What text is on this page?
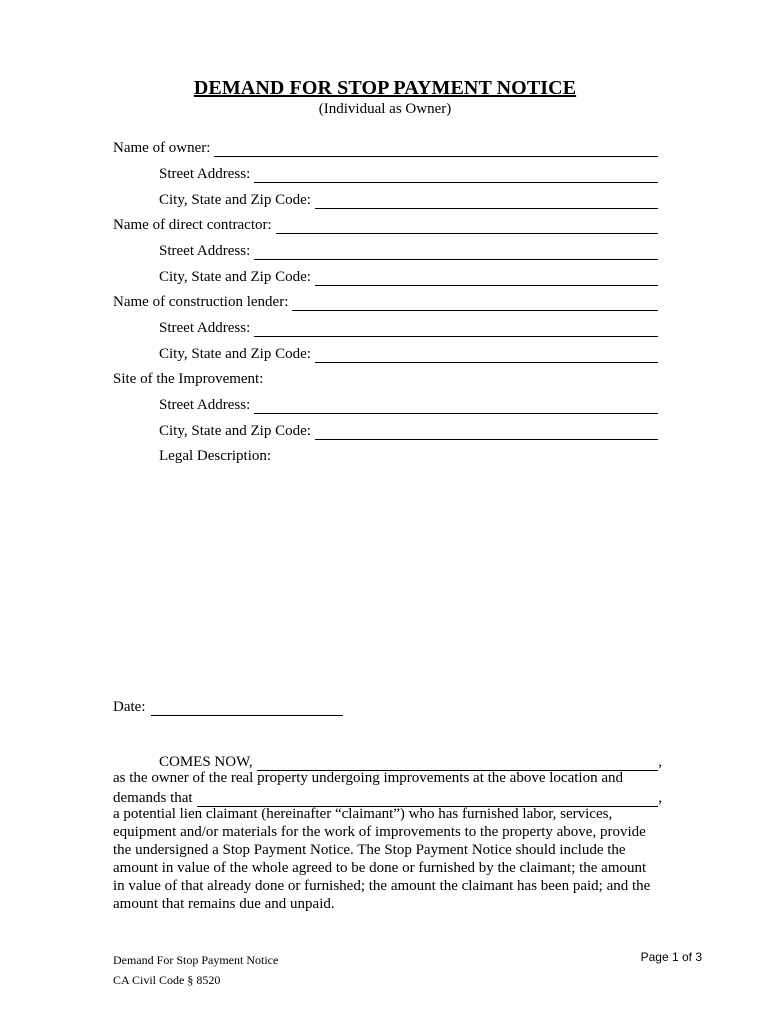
DEMAND FOR STOP PAYMENT NOTICE
(Individual as Owner)
Name of owner:
Street Address:
City, State and Zip Code:
Name of direct contractor:
Street Address:
City, State and Zip Code:
Name of construction lender:
Street Address:
City, State and Zip Code:
Site of the Improvement:
Street Address:
City, State and Zip Code:
Legal Description:
Date:
COMES NOW,	,
as the owner of the real property undergoing improvements at the above location and
demands that	,
a potential lien claimant (hereinafter “claimant”) who has furnished labor, services, equipment and/or materials for the work of improvements to the property above, provide the undersigned a Stop Payment Notice. The Stop Payment Notice should include the amount in value of the whole agreed to be done or furnished by the claimant; the amount in value of that already done or furnished; the amount the claimant has been paid; and the amount that remains due and unpaid.
Demand For Stop Payment Notice
CA Civil Code § 8520
Page 1 of 3
